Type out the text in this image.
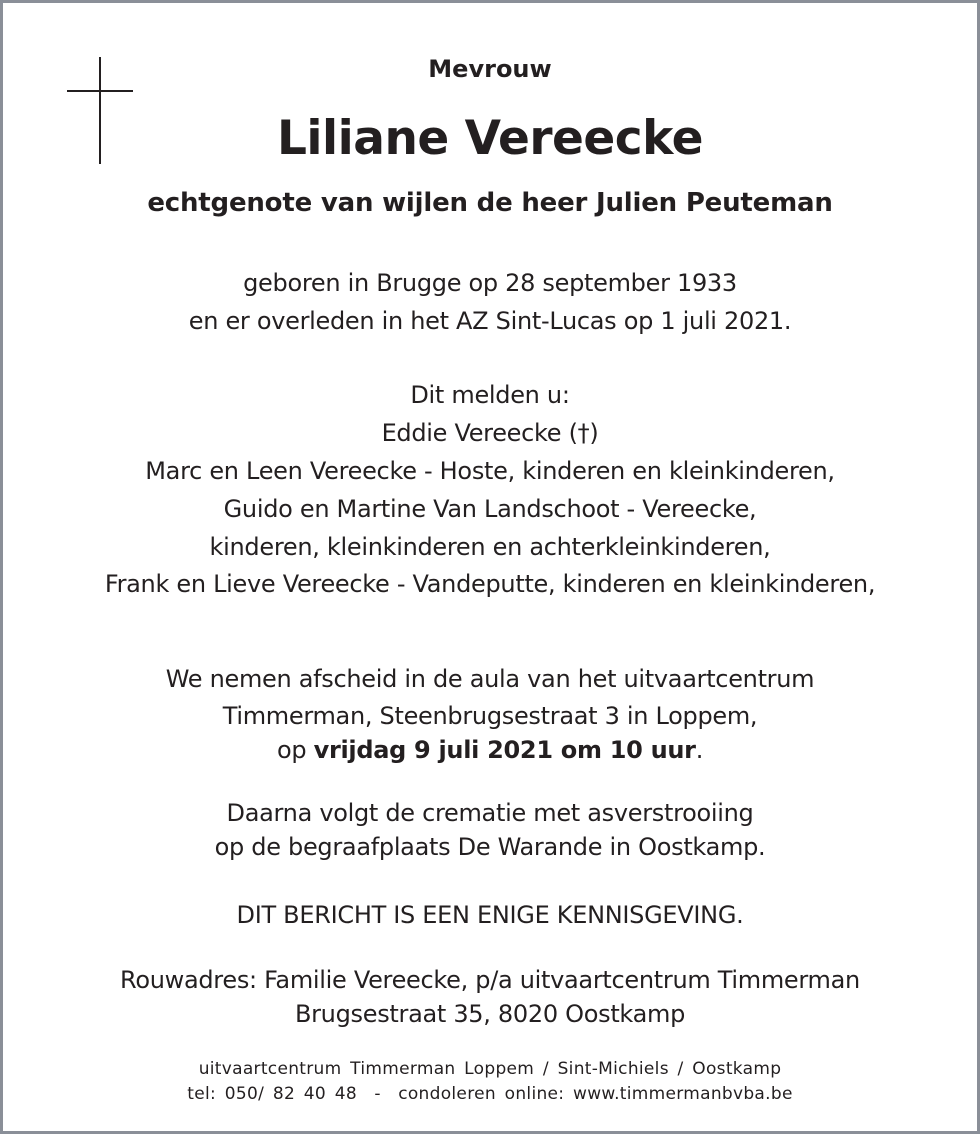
Mevrouw
Liliane Vereecke
echtgenote van wijlen de heer Julien Peuteman
geboren in Brugge op 28 september 1933
en er overleden in het AZ Sint-Lucas op 1 juli 2021.
Dit melden u:
Eddie Vereecke (†)
Marc en Leen Vereecke - Hoste, kinderen en kleinkinderen,
Guido en Martine Van Landschoot - Vereecke,
kinderen, kleinkinderen en achterkleinkinderen,
Frank en Lieve Vereecke - Vandeputte, kinderen en kleinkinderen,
We nemen afscheid in de aula van het uitvaartcentrum
Timmerman, Steenbrugsestraat 3 in Loppem,
op vrijdag 9 juli 2021 om 10 uur.
Daarna volgt de crematie met asverstrooiing
op de begraafplaats De Warande in Oostkamp.
DIT BERICHT IS EEN ENIGE KENNISGEVING.
Rouwadres: Familie Vereecke, p/a uitvaartcentrum Timmerman
Brugsestraat 35, 8020 Oostkamp
uitvaartcentrum Timmerman Loppem / Sint-Michiels / Oostkamp
tel: 050/ 82 40 48  -  condoleren online: www.timmermanbvba.be
